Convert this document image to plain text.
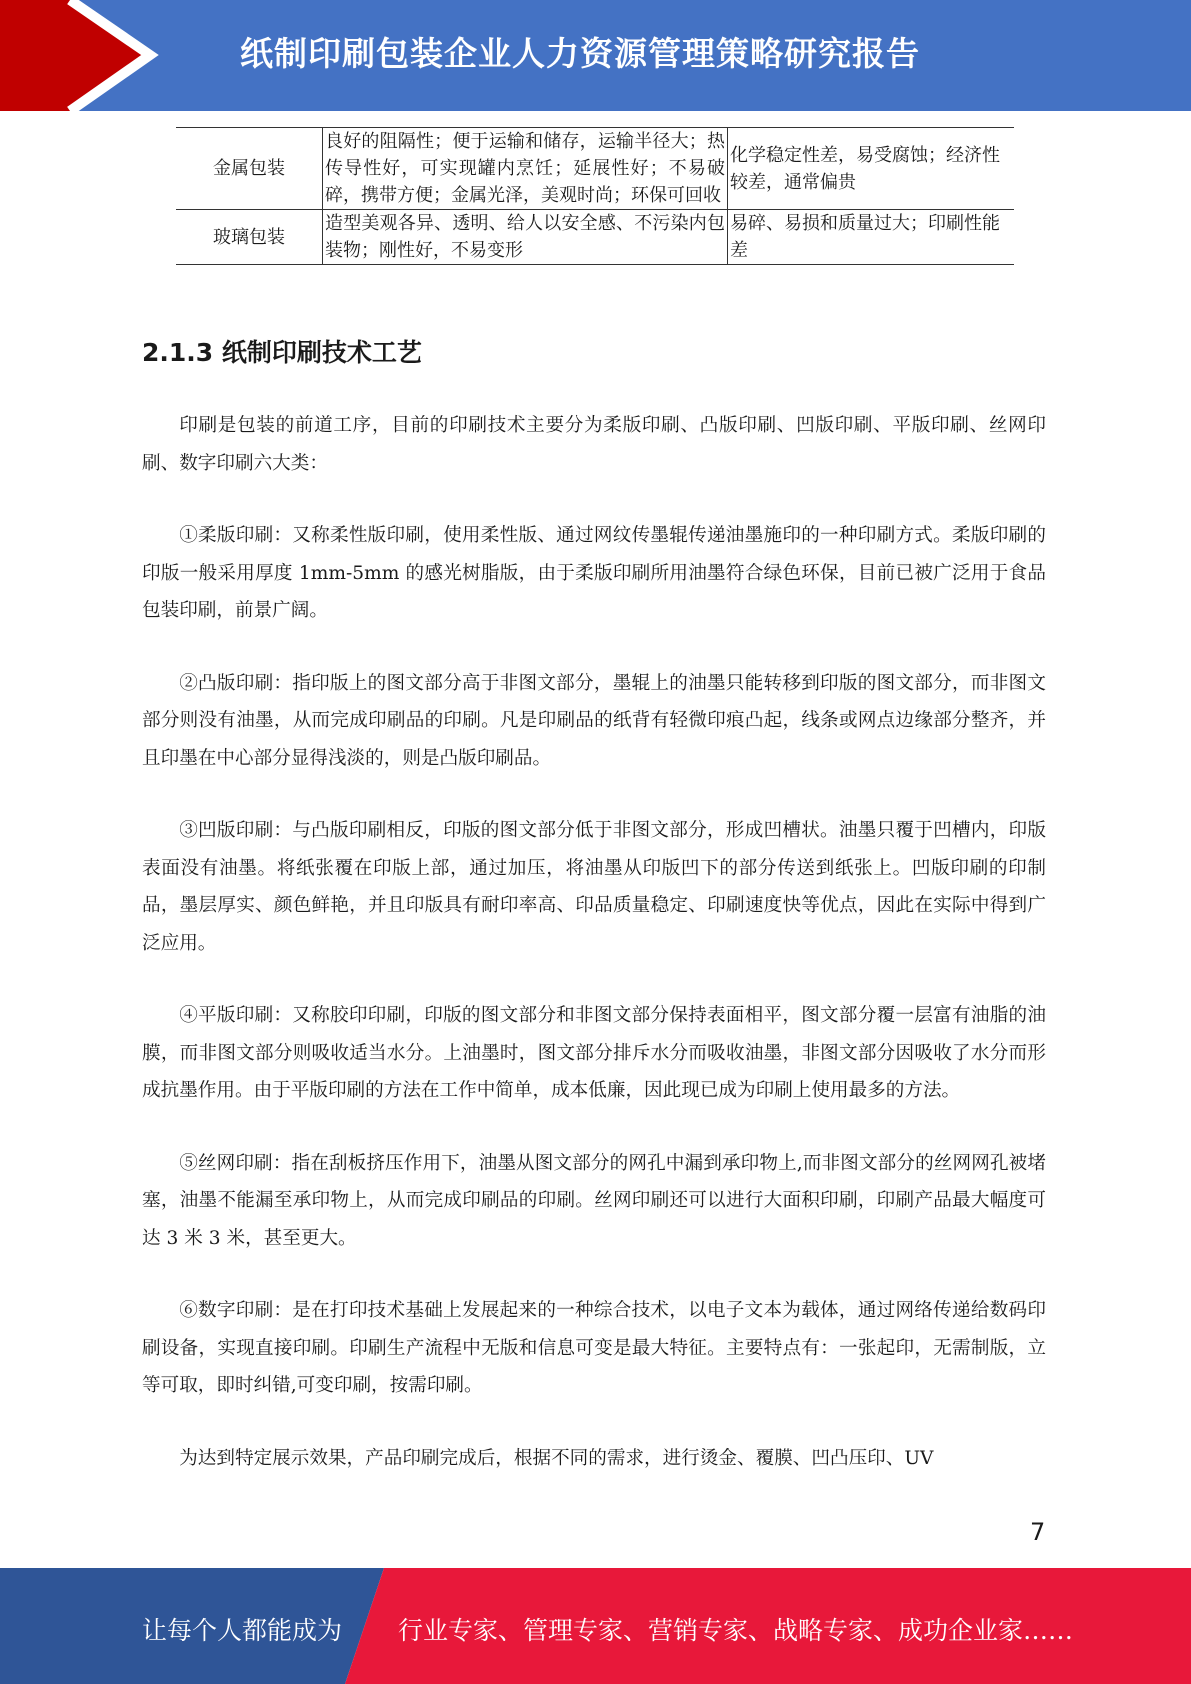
纸制印刷包装企业人力资源管理策略研究报告
金属包装	良好的阻隔性；便于运输和储存，运输半径大；热传导性好，可实现罐内烹饪；延展性好；不易破碎，携带方便；金属光泽，美观时尚；环保可回收	化学稳定性差，易受腐蚀；经济性较差，通常偏贵
玻璃包装	造型美观各异、透明、给人以安全感、不污染内包装物；刚性好，不易变形	易碎、易损和质量过大；印刷性能差
2.1.3 纸制印刷技术工艺

印刷是包装的前道工序，目前的印刷技术主要分为柔版印刷、凸版印刷、凹版印刷、平版印刷、丝网印刷、数字印刷六大类：

①柔版印刷：又称柔性版印刷，使用柔性版、通过网纹传墨辊传递油墨施印的一种印刷方式。柔版印刷的印版一般采用厚度 1mm-5mm 的感光树脂版，由于柔版印刷所用油墨符合绿色环保，目前已被广泛用于食品包装印刷，前景广阔。

②凸版印刷：指印版上的图文部分高于非图文部分，墨辊上的油墨只能转移到印版的图文部分，而非图文部分则没有油墨，从而完成印刷品的印刷。凡是印刷品的纸背有轻微印痕凸起，线条或网点边缘部分整齐，并且印墨在中心部分显得浅淡的，则是凸版印刷品。

③凹版印刷：与凸版印刷相反，印版的图文部分低于非图文部分，形成凹槽状。油墨只覆于凹槽内，印版表面没有油墨。将纸张覆在印版上部，通过加压，将油墨从印版凹下的部分传送到纸张上。凹版印刷的印制品，墨层厚实、颜色鲜艳，并且印版具有耐印率高、印品质量稳定、印刷速度快等优点，因此在实际中得到广泛应用。

④平版印刷：又称胶印印刷，印版的图文部分和非图文部分保持表面相平，图文部分覆一层富有油脂的油膜，而非图文部分则吸收适当水分。上油墨时，图文部分排斥水分而吸收油墨，非图文部分因吸收了水分而形成抗墨作用。由于平版印刷的方法在工作中简单，成本低廉，因此现已成为印刷上使用最多的方法。

⑤丝网印刷：指在刮板挤压作用下，油墨从图文部分的网孔中漏到承印物上,而非图文部分的丝网网孔被堵塞，油墨不能漏至承印物上，从而完成印刷品的印刷。丝网印刷还可以进行大面积印刷，印刷产品最大幅度可达 3 米 3 米，甚至更大。

⑥数字印刷：是在打印技术基础上发展起来的一种综合技术，以电子文本为载体，通过网络传递给数码印刷设备，实现直接印刷。印刷生产流程中无版和信息可变是最大特征。主要特点有：一张起印，无需制版，立等可取，即时纠错,可变印刷，按需印刷。

为达到特定展示效果，产品印刷完成后，根据不同的需求，进行烫金、覆膜、凹凸压印、UV

7
让每个人都能成为 行业专家、管理专家、营销专家、战略专家、成功企业家……
